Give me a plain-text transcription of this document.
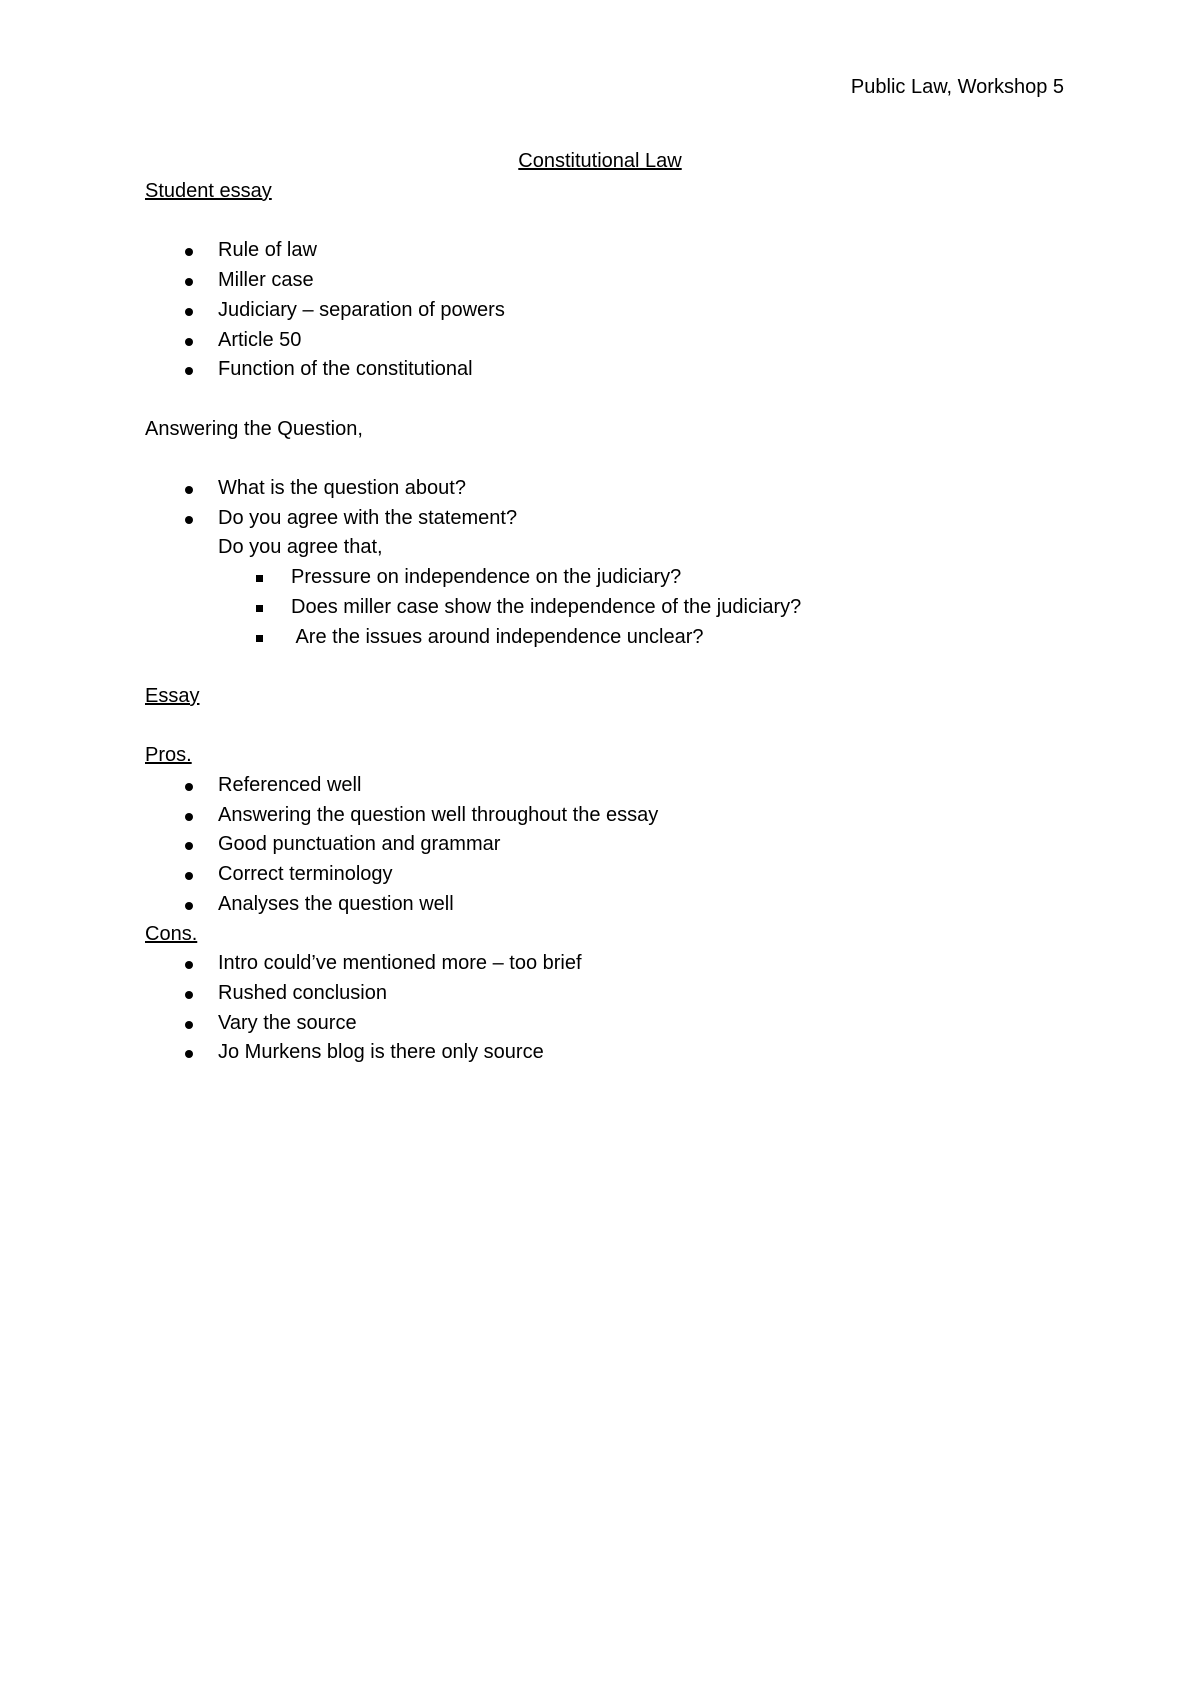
Public Law, Workshop 5
Constitutional Law
Student essay
Rule of law
Miller case
Judiciary – separation of powers
Article 50
Function of the constitutional
Answering the Question,
What is the question about?
Do you agree with the statement?
Do you agree that,
Pressure on independence on the judiciary?
Does miller case show the independence of the judiciary?
Are the issues around independence unclear?
Essay
Pros.
Referenced well
Answering the question well throughout the essay
Good punctuation and grammar
Correct terminology
Analyses the question well
Cons.
Intro could’ve mentioned more – too brief
Rushed conclusion
Vary the source
Jo Murkens blog is there only source
